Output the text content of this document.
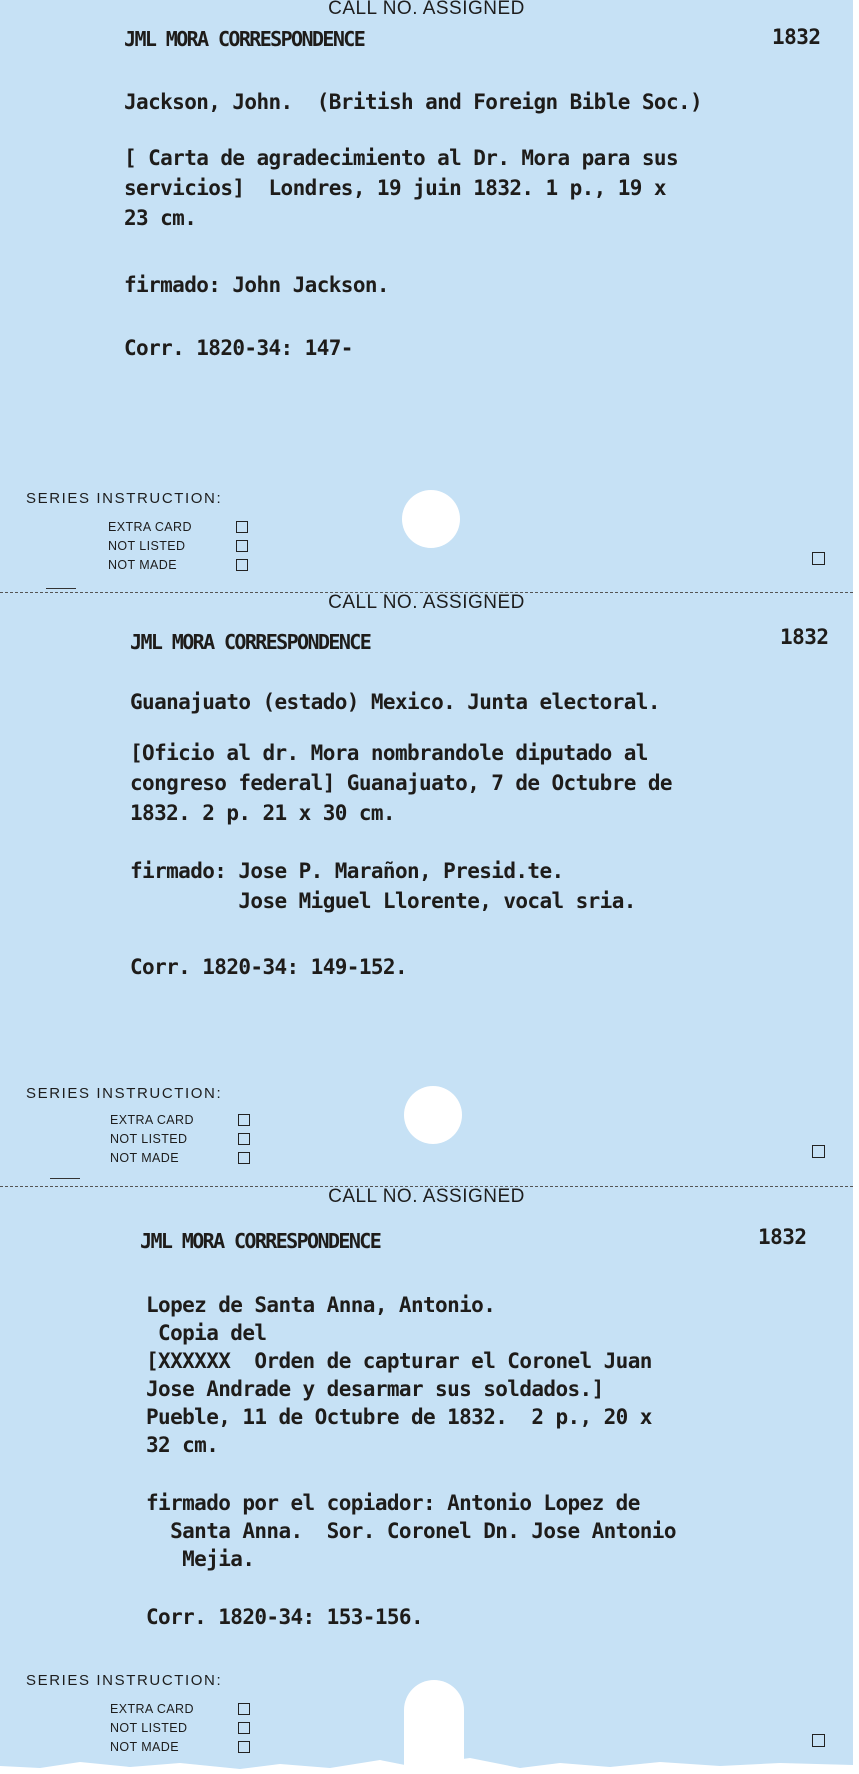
CALL NO. ASSIGNED
JML MORA CORRESPONDENCE	1832
Jackson, John.  (British and Foreign Bible Soc.)
[ Carta de agradecimiento al Dr. Mora para sus
servicios]  Londres, 19 juin 1832. 1 p., 19 x
23 cm.
firmado: John Jackson.
Corr. 1820-34: 147-
SERIES INSTRUCTION:
EXTRA CARD
NOT LISTED
NOT MADE
CALL NO. ASSIGNED
JML MORA CORRESPONDENCE	1832
Guanajuato (estado) Mexico. Junta electoral.
[Oficio al dr. Mora nombrandole diputado al
congreso federal] Guanajuato, 7 de Octubre de
1832. 2 p. 21 x 30 cm.
firmado: Jose P. Marañon, Presid.te.
Jose Miguel Llorente, vocal sria.
Corr. 1820-34: 149-152.
SERIES INSTRUCTION:
EXTRA CARD
NOT LISTED
NOT MADE
CALL NO. ASSIGNED
JML MORA CORRESPONDENCE	1832
Lopez de Santa Anna, Antonio.
Copia del
[XXXXXX  Orden de capturar el Coronel Juan
Jose Andrade y desarmar sus soldados.]
Pueble, 11 de Octubre de 1832.  2 p., 20 x
32 cm.
firmado por el copiador: Antonio Lopez de
Santa Anna.  Sor. Coronel Dn. Jose Antonio
Mejia.
Corr. 1820-34: 153-156.
SERIES INSTRUCTION:
EXTRA CARD
NOT LISTED
NOT MADE
